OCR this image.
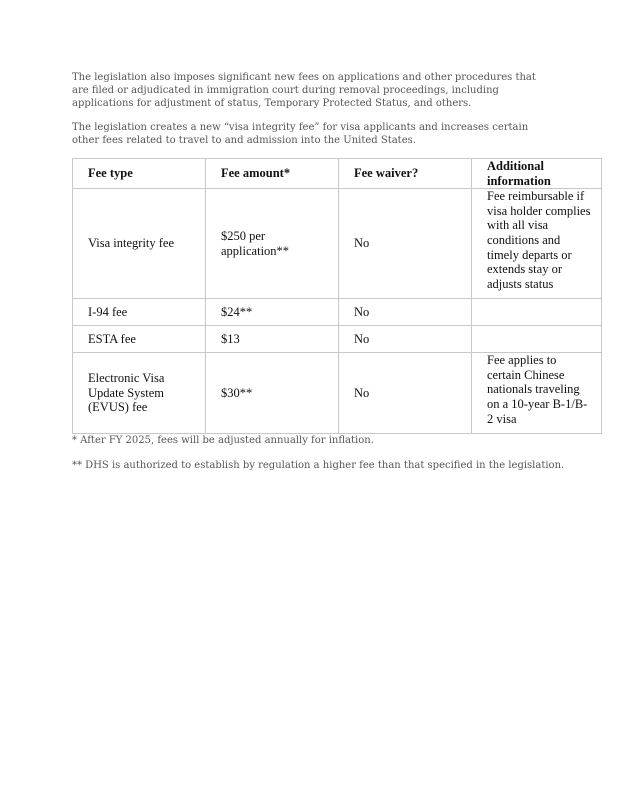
The legislation also imposes significant new fees on applications and other procedures that are filed or adjudicated in immigration court during removal proceedings, including applications for adjustment of status, Temporary Protected Status, and others.

The legislation creates a new “visa integrity fee” for visa applicants and increases certain other fees related to travel to and admission into the United States.

Fee type	Fee amount*	Fee waiver?	Additional information
Visa integrity fee	$250 per application**	No	Fee reimbursable if visa holder complies with all visa conditions and timely departs or extends stay or adjusts status
I-94 fee	$24**	No	
ESTA fee	$13	No	
Electronic Visa Update System (EVUS) fee	$30**	No	Fee applies to certain Chinese nationals traveling on a 10-year B-1/B-2 visa

* After FY 2025, fees will be adjusted annually for inflation.

** DHS is authorized to establish by regulation a higher fee than that specified in the legislation.
